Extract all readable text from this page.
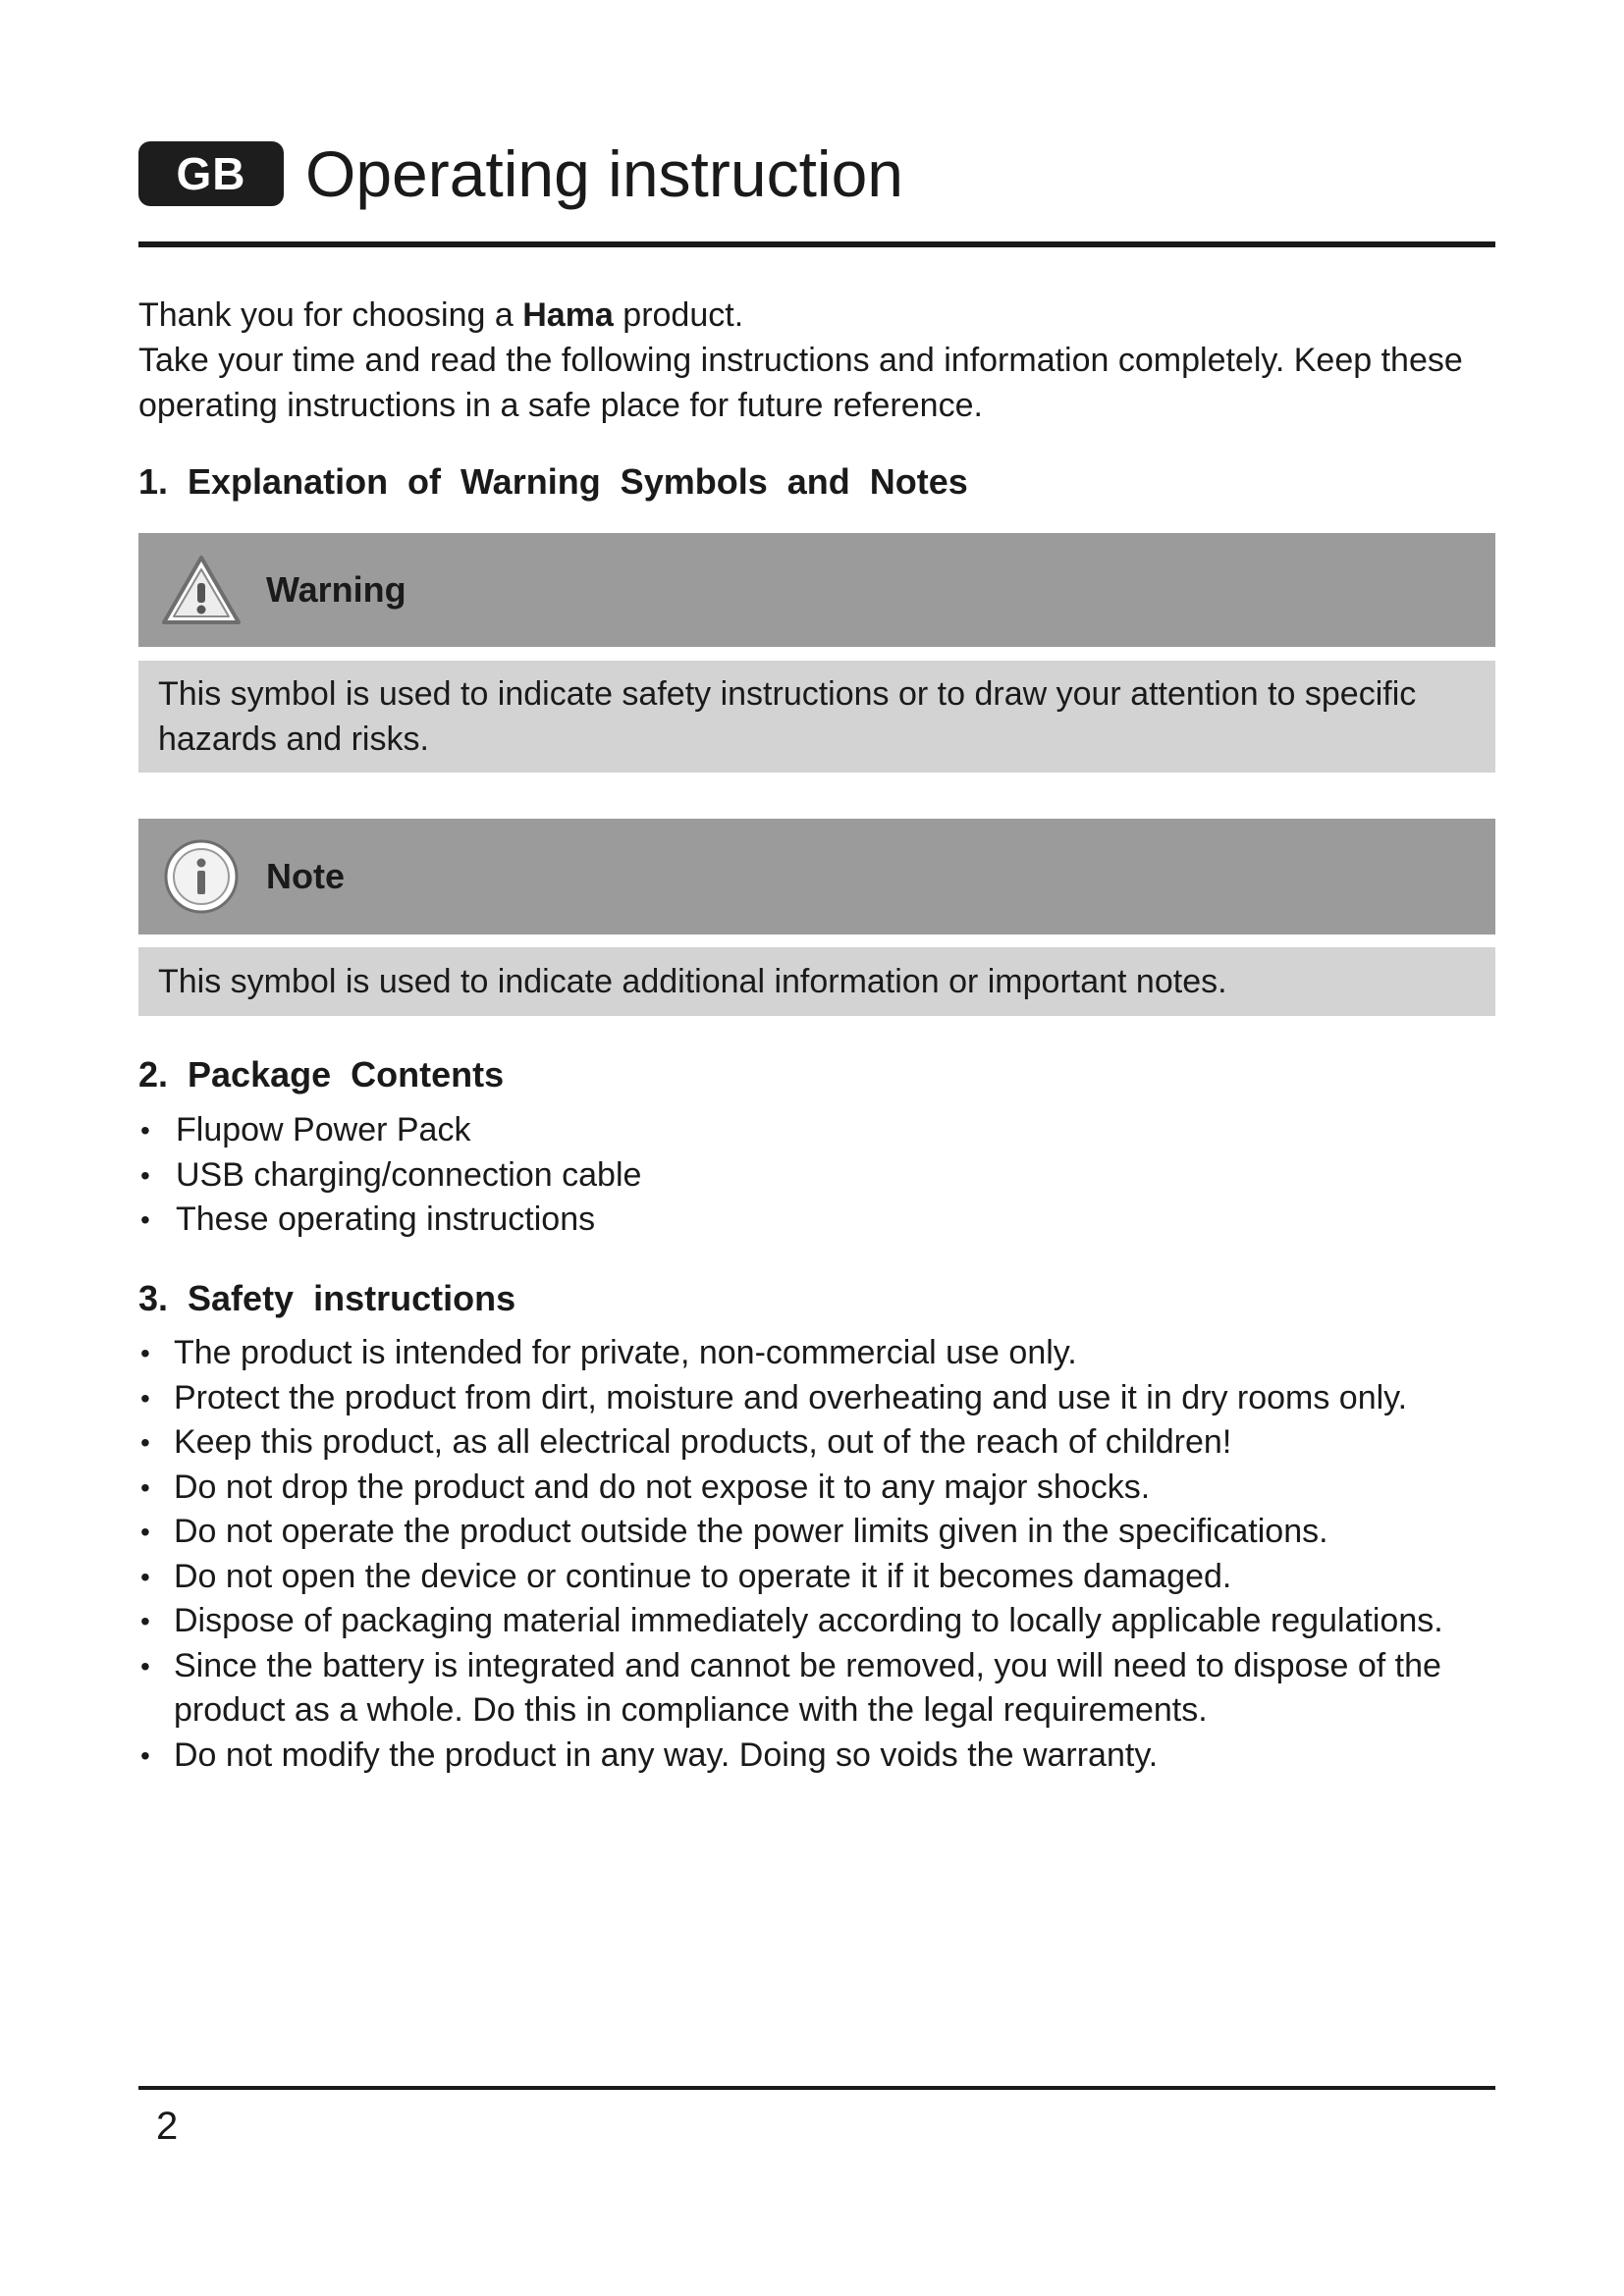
GB Operating instruction

Thank you for choosing a Hama product.

Take your time and read the following instructions and information completely. Keep these operating instructions in a safe place for future reference.

1. Explanation of Warning Symbols and Notes
Warning
This symbol is used to indicate safety instructions or to draw your attention to specific hazards and risks.
Note
This symbol is used to indicate additional information or important notes.
2. Package Contents
• Flupow Power Pack
• USB charging/connection cable
• These operating instructions
3. Safety instructions
• The product is intended for private, non-commercial use only.
• Protect the product from dirt, moisture and overheating and use it in dry rooms only.
• Keep this product, as all electrical products, out of the reach of children!
• Do not drop the product and do not expose it to any major shocks.
• Do not operate the product outside the power limits given in the specifications.
• Do not open the device or continue to operate it if it becomes damaged.
• Dispose of packaging material immediately according to locally applicable regulations.
• Since the battery is integrated and cannot be removed, you will need to dispose of the product as a whole. Do this in compliance with the legal requirements.
• Do not modify the product in any way. Doing so voids the warranty.
2
